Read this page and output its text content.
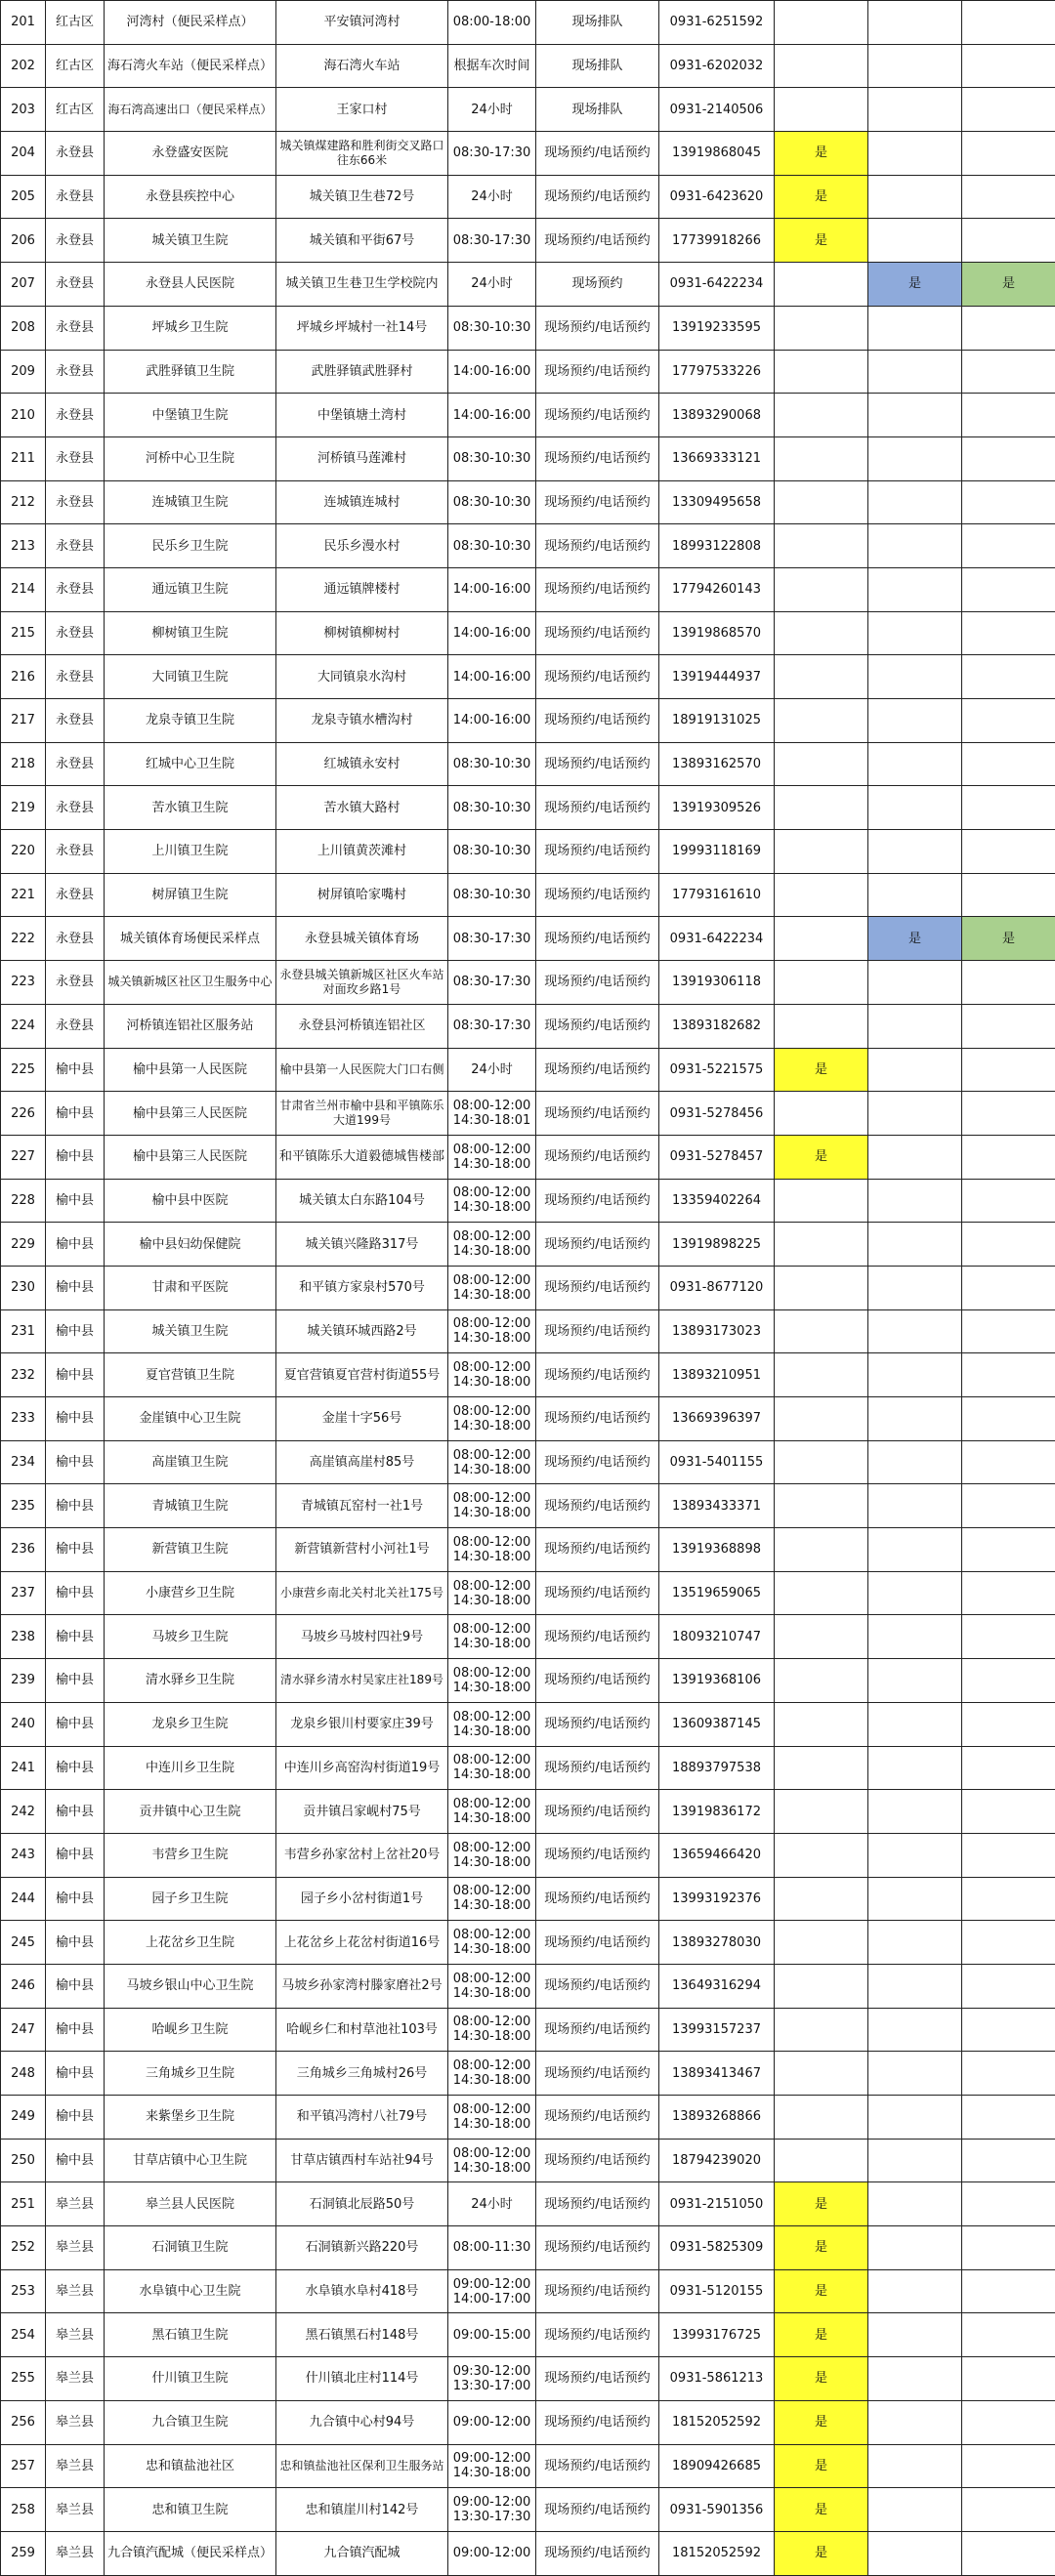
201	红古区	河湾村（便民采样点）	平安镇河湾村	08:00-18:00	现场排队	0931-6251592			
202	红古区	海石湾火车站（便民采样点）	海石湾火车站	根据车次时间	现场排队	0931-6202032			
203	红古区	海石湾高速出口（便民采样点）	王家口村	24小时	现场排队	0931-2140506			
204	永登县	永登盛安医院	城关镇煤建路和胜利街交叉路口往东66米	08:30-17:30	现场预约/电话预约	13919868045	是		
205	永登县	永登县疾控中心	城关镇卫生巷72号	24小时	现场预约/电话预约	0931-6423620	是		
206	永登县	城关镇卫生院	城关镇和平街67号	08:30-17:30	现场预约/电话预约	17739918266	是		
207	永登县	永登县人民医院	城关镇卫生巷卫生学校院内	24小时	现场预约	0931-6422234		是	是
208	永登县	坪城乡卫生院	坪城乡坪城村一社14号	08:30-10:30	现场预约/电话预约	13919233595			
209	永登县	武胜驿镇卫生院	武胜驿镇武胜驿村	14:00-16:00	现场预约/电话预约	17797533226			
210	永登县	中堡镇卫生院	中堡镇塘土湾村	14:00-16:00	现场预约/电话预约	13893290068			
211	永登县	河桥中心卫生院	河桥镇马莲滩村	08:30-10:30	现场预约/电话预约	13669333121			
212	永登县	连城镇卫生院	连城镇连城村	08:30-10:30	现场预约/电话预约	13309495658			
213	永登县	民乐乡卫生院	民乐乡漫水村	08:30-10:30	现场预约/电话预约	18993122808			
214	永登县	通远镇卫生院	通远镇牌楼村	14:00-16:00	现场预约/电话预约	17794260143			
215	永登县	柳树镇卫生院	柳树镇柳树村	14:00-16:00	现场预约/电话预约	13919868570			
216	永登县	大同镇卫生院	大同镇泉水沟村	14:00-16:00	现场预约/电话预约	13919444937			
217	永登县	龙泉寺镇卫生院	龙泉寺镇水槽沟村	14:00-16:00	现场预约/电话预约	18919131025			
218	永登县	红城中心卫生院	红城镇永安村	08:30-10:30	现场预约/电话预约	13893162570			
219	永登县	苦水镇卫生院	苦水镇大路村	08:30-10:30	现场预约/电话预约	13919309526			
220	永登县	上川镇卫生院	上川镇黄茨滩村	08:30-10:30	现场预约/电话预约	19993118169			
221	永登县	树屏镇卫生院	树屏镇哈家嘴村	08:30-10:30	现场预约/电话预约	17793161610			
222	永登县	城关镇体育场便民采样点	永登县城关镇体育场	08:30-17:30	现场预约/电话预约	0931-6422234		是	是
223	永登县	城关镇新城区社区卫生服务中心	永登县城关镇新城区社区火车站对面玫乡路1号	08:30-17:30	现场预约/电话预约	13919306118			
224	永登县	河桥镇连铝社区服务站	永登县河桥镇连铝社区	08:30-17:30	现场预约/电话预约	13893182682			
225	榆中县	榆中县第一人民医院	榆中县第一人民医院大门口右侧	24小时	现场预约/电话预约	0931-5221575	是		
226	榆中县	榆中县第三人民医院	甘肃省兰州市榆中县和平镇陈乐大道199号	08:00-12:00
14:30-18:01	现场预约/电话预约	0931-5278456			
227	榆中县	榆中县第三人民医院	和平镇陈乐大道毅德城售楼部	08:00-12:00
14:30-18:00	现场预约/电话预约	0931-5278457	是		
228	榆中县	榆中县中医院	城关镇太白东路104号	08:00-12:00
14:30-18:00	现场预约/电话预约	13359402264			
229	榆中县	榆中县妇幼保健院	城关镇兴隆路317号	08:00-12:00
14:30-18:00	现场预约/电话预约	13919898225			
230	榆中县	甘肃和平医院	和平镇方家泉村570号	08:00-12:00
14:30-18:00	现场预约/电话预约	0931-8677120			
231	榆中县	城关镇卫生院	城关镇环城西路2号	08:00-12:00
14:30-18:00	现场预约/电话预约	13893173023			
232	榆中县	夏官营镇卫生院	夏官营镇夏官营村街道55号	08:00-12:00
14:30-18:00	现场预约/电话预约	13893210951			
233	榆中县	金崖镇中心卫生院	金崖十字56号	08:00-12:00
14:30-18:00	现场预约/电话预约	13669396397			
234	榆中县	高崖镇卫生院	高崖镇高崖村85号	08:00-12:00
14:30-18:00	现场预约/电话预约	0931-5401155			
235	榆中县	青城镇卫生院	青城镇瓦窑村一社1号	08:00-12:00
14:30-18:00	现场预约/电话预约	13893433371			
236	榆中县	新营镇卫生院	新营镇新营村小河社1号	08:00-12:00
14:30-18:00	现场预约/电话预约	13919368898			
237	榆中县	小康营乡卫生院	小康营乡南北关村北关社175号	08:00-12:00
14:30-18:00	现场预约/电话预约	13519659065			
238	榆中县	马坡乡卫生院	马坡乡马坡村四社9号	08:00-12:00
14:30-18:00	现场预约/电话预约	18093210747			
239	榆中县	清水驿乡卫生院	清水驿乡清水村吴家庄社189号	08:00-12:00
14:30-18:00	现场预约/电话预约	13919368106			
240	榆中县	龙泉乡卫生院	龙泉乡银川村要家庄39号	08:00-12:00
14:30-18:00	现场预约/电话预约	13609387145			
241	榆中县	中连川乡卫生院	中连川乡高窑沟村街道19号	08:00-12:00
14:30-18:00	现场预约/电话预约	18893797538			
242	榆中县	贡井镇中心卫生院	贡井镇吕家岘村75号	08:00-12:00
14:30-18:00	现场预约/电话预约	13919836172			
243	榆中县	韦营乡卫生院	韦营乡孙家岔村上岔社20号	08:00-12:00
14:30-18:00	现场预约/电话预约	13659466420			
244	榆中县	园子乡卫生院	园子乡小岔村街道1号	08:00-12:00
14:30-18:00	现场预约/电话预约	13993192376			
245	榆中县	上花岔乡卫生院	上花岔乡上花岔村街道16号	08:00-12:00
14:30-18:00	现场预约/电话预约	13893278030			
246	榆中县	马坡乡银山中心卫生院	马坡乡孙家湾村滕家磨社2号	08:00-12:00
14:30-18:00	现场预约/电话预约	13649316294			
247	榆中县	哈岘乡卫生院	哈岘乡仁和村草池社103号	08:00-12:00
14:30-18:00	现场预约/电话预约	13993157237			
248	榆中县	三角城乡卫生院	三角城乡三角城村26号	08:00-12:00
14:30-18:00	现场预约/电话预约	13893413467			
249	榆中县	来紫堡乡卫生院	和平镇冯湾村八社79号	08:00-12:00
14:30-18:00	现场预约/电话预约	13893268866			
250	榆中县	甘草店镇中心卫生院	甘草店镇西村车站社94号	08:00-12:00
14:30-18:00	现场预约/电话预约	18794239020			
251	皋兰县	皋兰县人民医院	石洞镇北辰路50号	24小时	现场预约/电话预约	0931-2151050	是		
252	皋兰县	石洞镇卫生院	石洞镇新兴路220号	08:00-11:30	现场预约/电话预约	0931-5825309	是		
253	皋兰县	水阜镇中心卫生院	水阜镇水阜村418号	09:00-12:00
14:00-17:00	现场预约/电话预约	0931-5120155	是		
254	皋兰县	黑石镇卫生院	黑石镇黑石村148号	09:00-15:00	现场预约/电话预约	13993176725	是		
255	皋兰县	什川镇卫生院	什川镇北庄村114号	09:30-12:00
13:30-17:00	现场预约/电话预约	0931-5861213	是		
256	皋兰县	九合镇卫生院	九合镇中心村94号	09:00-12:00	现场预约/电话预约	18152052592	是		
257	皋兰县	忠和镇盐池社区	忠和镇盐池社区保利卫生服务站	09:00-12:00
14:30-18:00	现场预约/电话预约	18909426685	是		
258	皋兰县	忠和镇卫生院	忠和镇崖川村142号	09:00-12:00
13:30-17:30	现场预约/电话预约	0931-5901356	是		
259	皋兰县	九合镇汽配城（便民采样点）	九合镇汽配城	09:00-12:00	现场预约/电话预约	18152052592	是		
